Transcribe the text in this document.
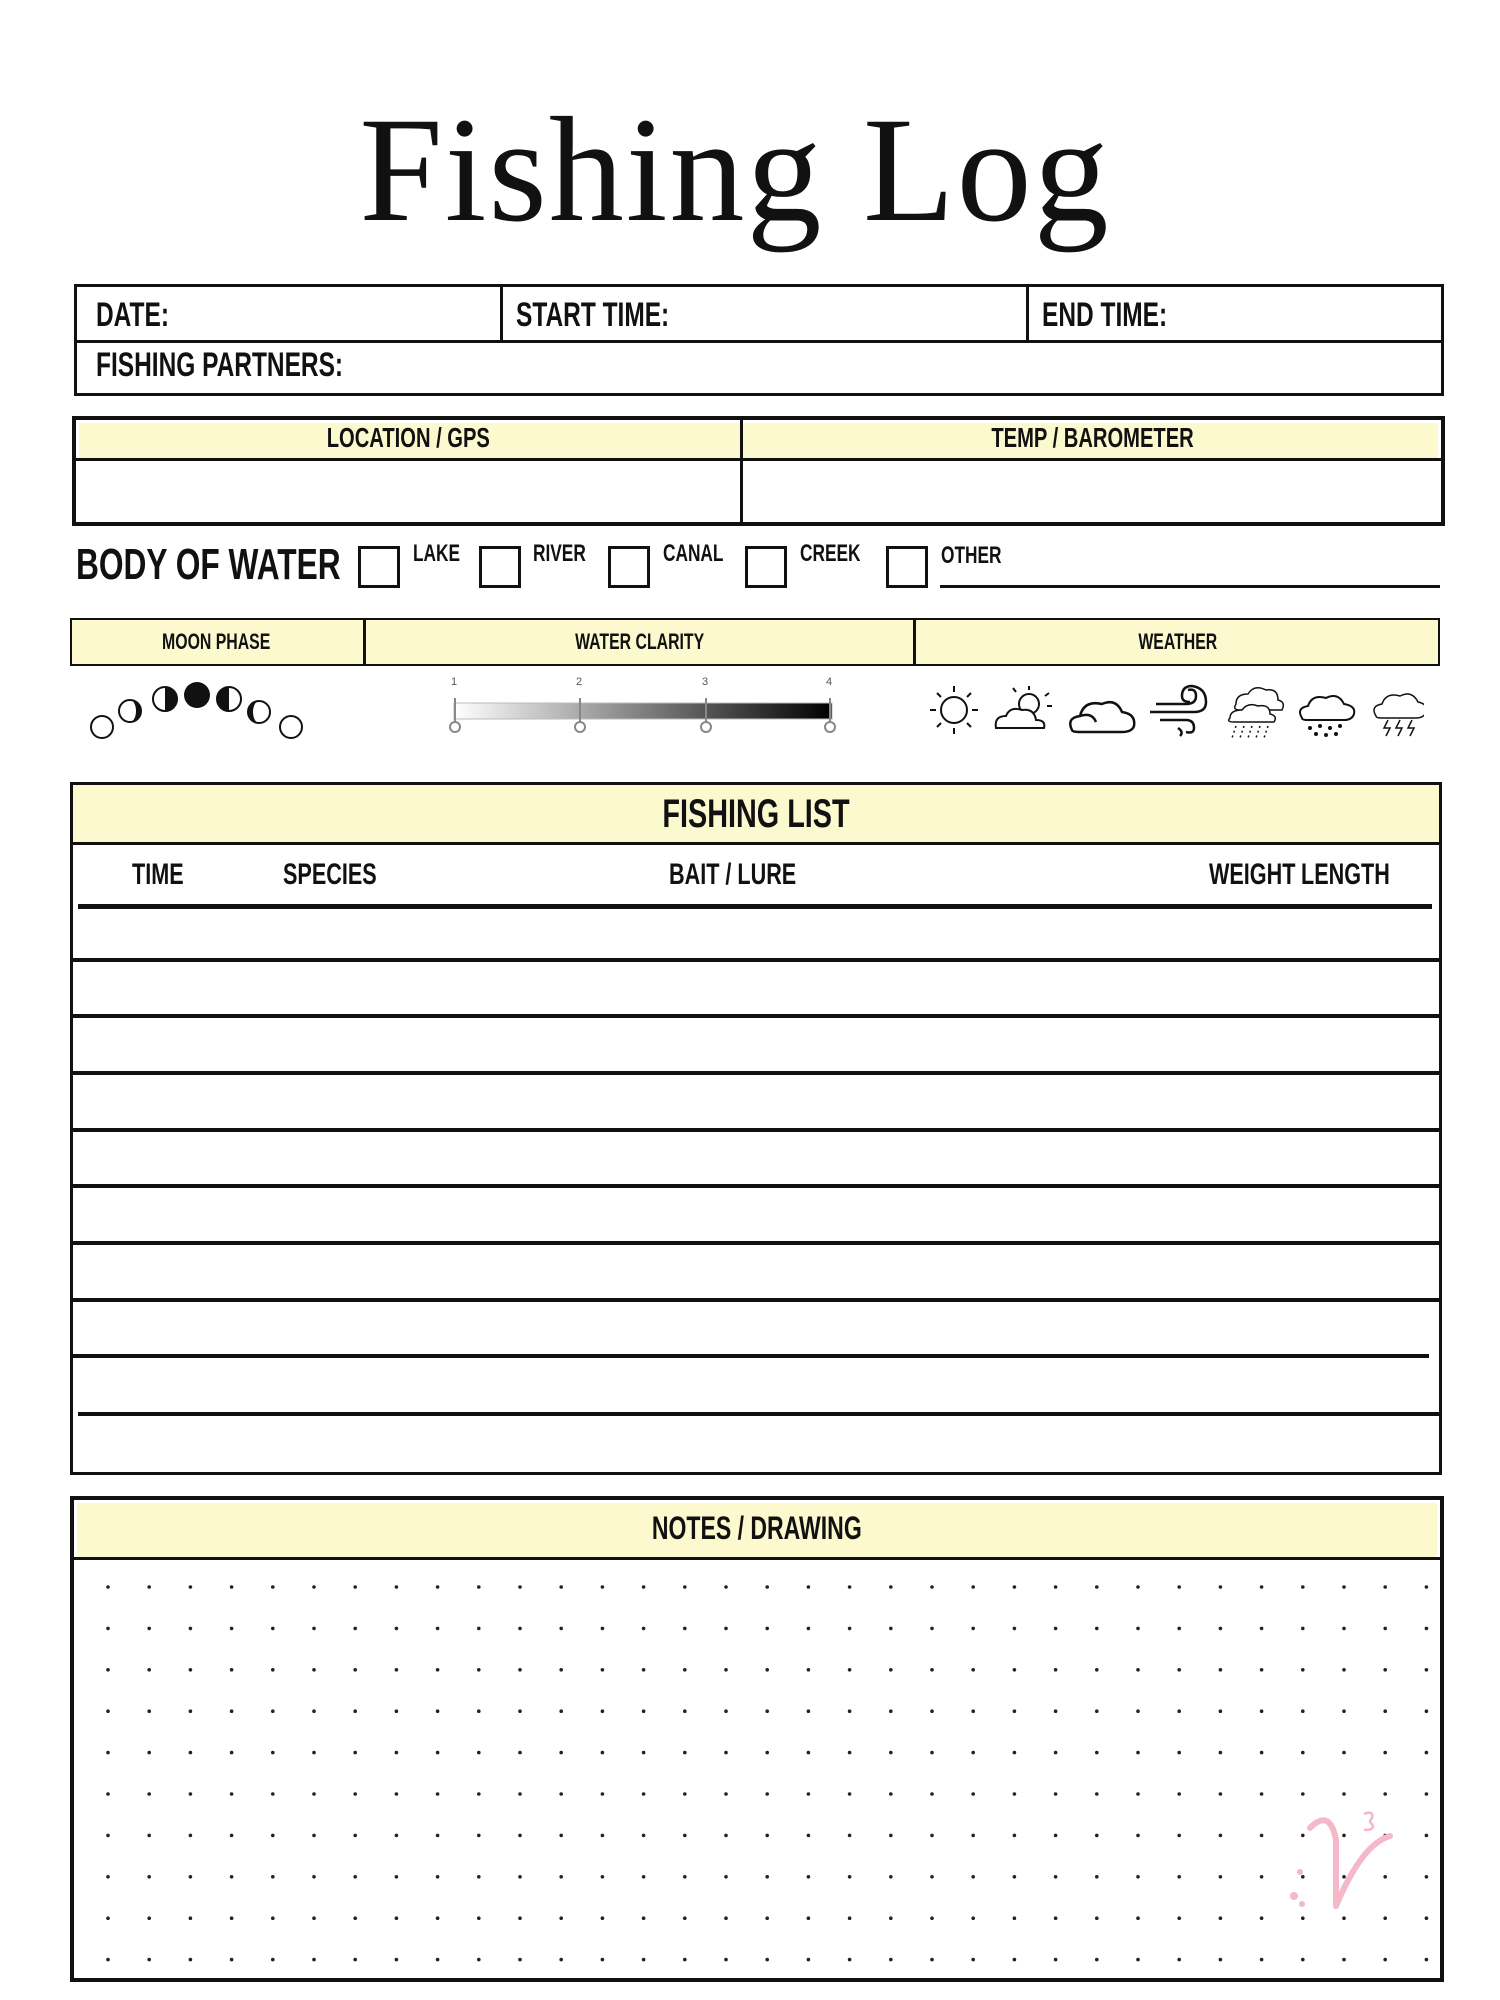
Fishing Log
DATE:	START TIME:	END TIME:
FISHING PARTNERS:
LOCATION / GPS	TEMP / BAROMETER
BODY OF WATER	LAKE	RIVER	CANAL	CREEK	OTHER
MOON PHASE	WATER CLARITY	WEATHER
1	2	3	4
FISHING LIST
TIME	SPECIES	BAIT / LURE	WEIGHT LENGTH
NOTES / DRAWING
